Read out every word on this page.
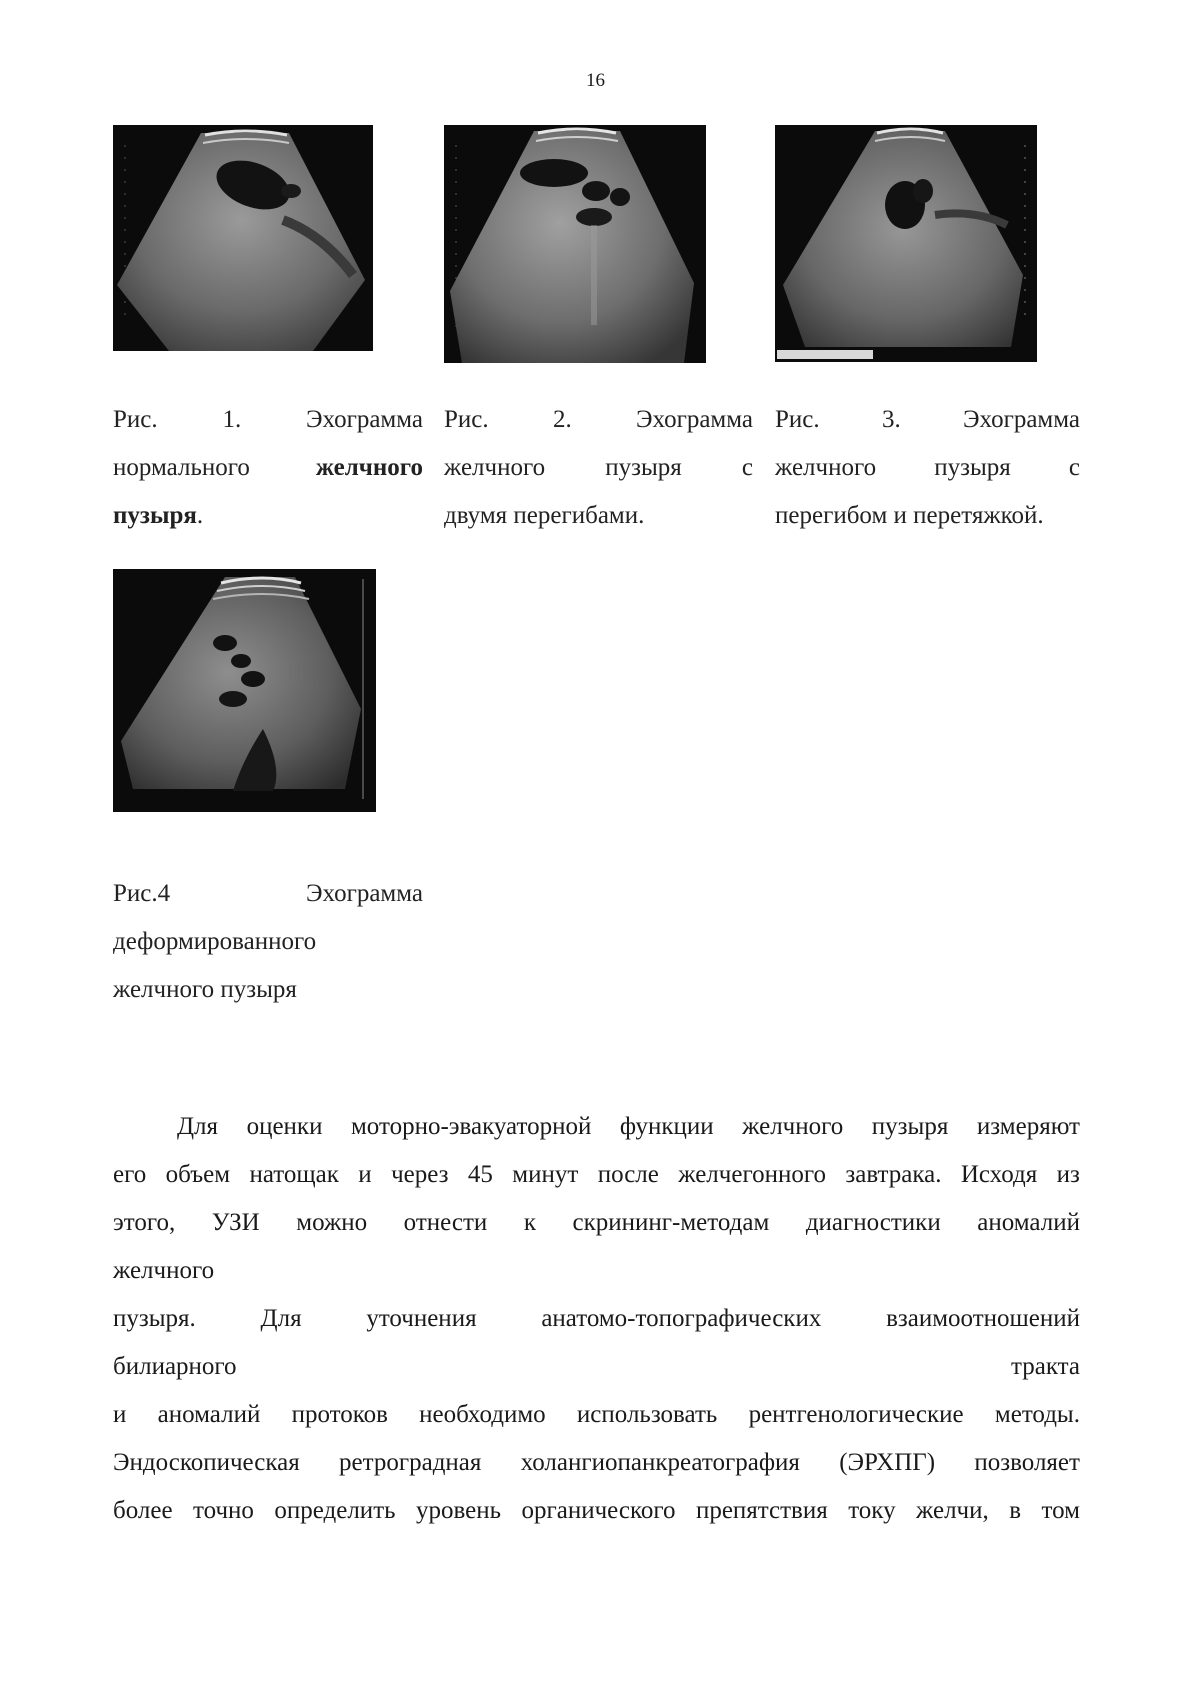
16
Рис.	1.	Эхограмма
нормального	желчного
пузыря .
Рис.	2.	Эхограмма
желчного пузыря с
двумя перегибами.
Рис. 3. Эхограмма
желчного пузыря с
перегибом и перетяжкой.
Рис.4	Эхограмма
деформированного
желчного пузыря
Для оценки моторно-эвакуаторной функции желчного пузыря измеряют
его объем натощак и через 45 минут после желчегонного завтрака. Исходя из
этого, УЗИ можно отнести к скрининг-методам диагностики аномалий
желчного
пузыря.	Для	уточнения	анатомо-топографических	взаимоотношений
билиарного	тракта
и аномалий протоков необходимо использовать рентгенологические методы.
Эндоскопическая ретроградная холангиопанкреатография (ЭРХПГ) позволяет
более точно определить уровень органического препятствия току желчи, в том
